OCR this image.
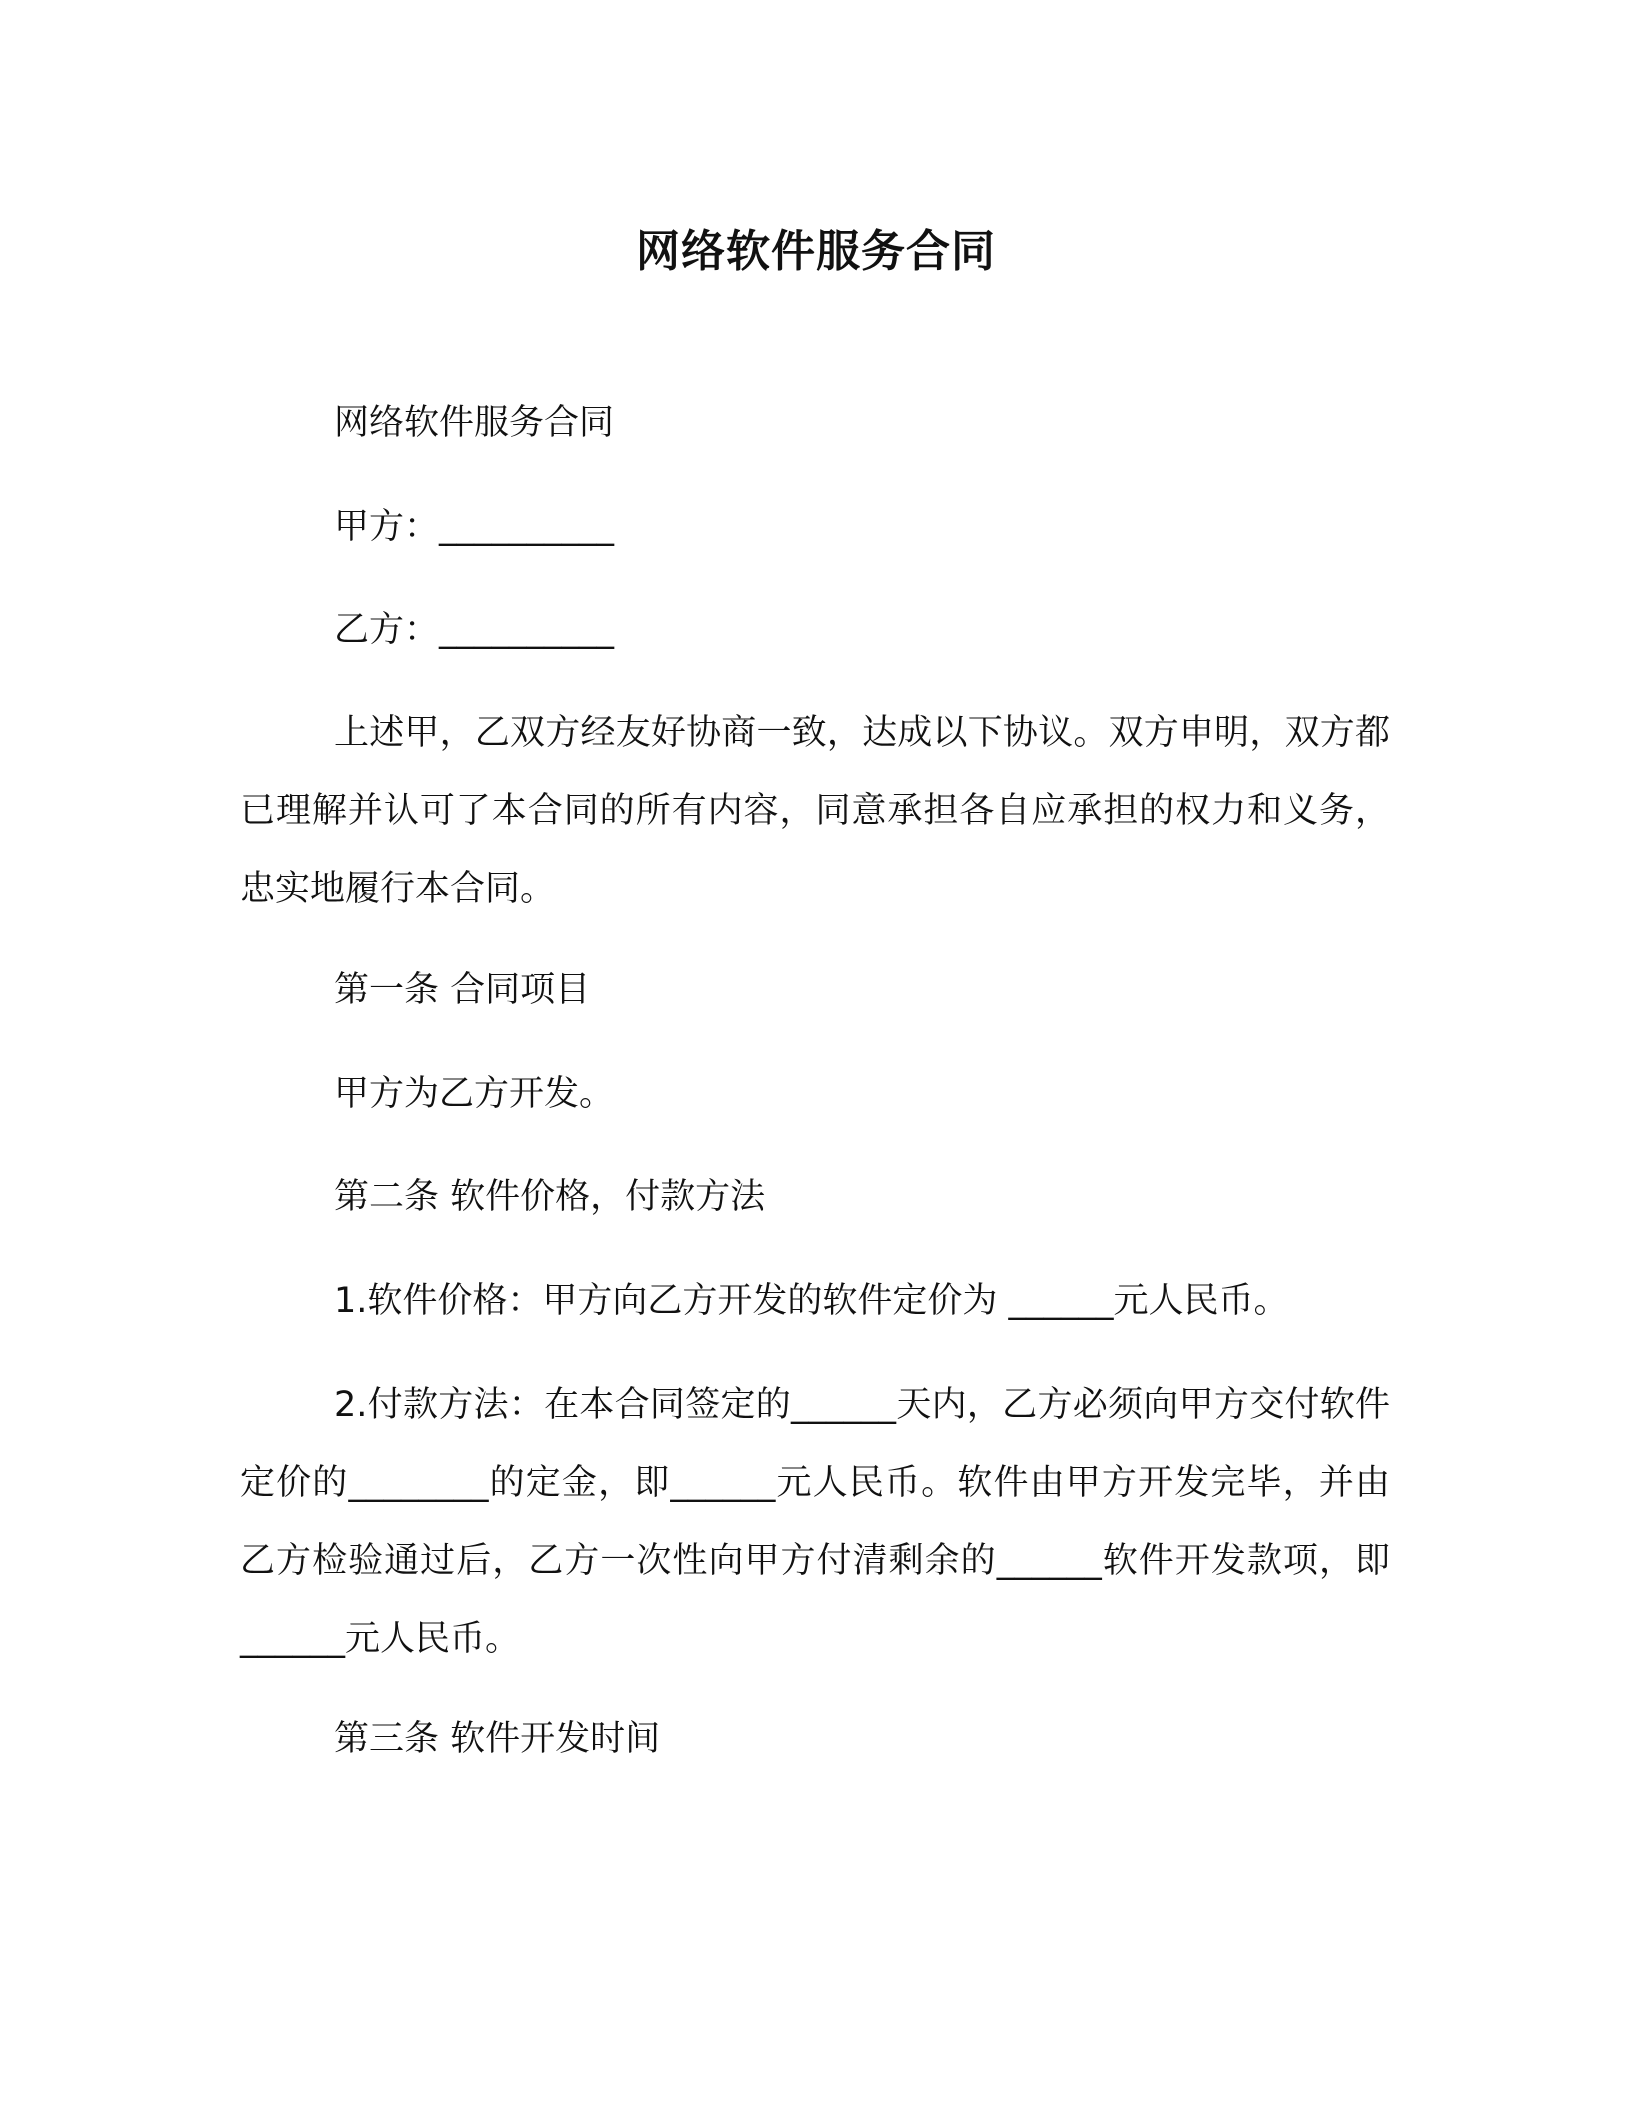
网络软件服务合同
网络软件服务合同
甲方：__________
乙方：__________
上述甲，乙双方经友好协商一致，达成以下协议。双方申明，双方都已理解并认可了本合同的所有内容，同意承担各自应承担的权力和义务，忠实地履行本合同。
第一条 合同项目
甲方为乙方开发。
第二条 软件价格，付款方法
1.软件价格：甲方向乙方开发的软件定价为 ______元人民币。
2.付款方法：在本合同签定的______天内，乙方必须向甲方交付软件定价的________的定金，即______元人民币。软件由甲方开发完毕，并由乙方检验通过后，乙方一次性向甲方付清剩余的______软件开发款项，即______元人民币。
第三条 软件开发时间
